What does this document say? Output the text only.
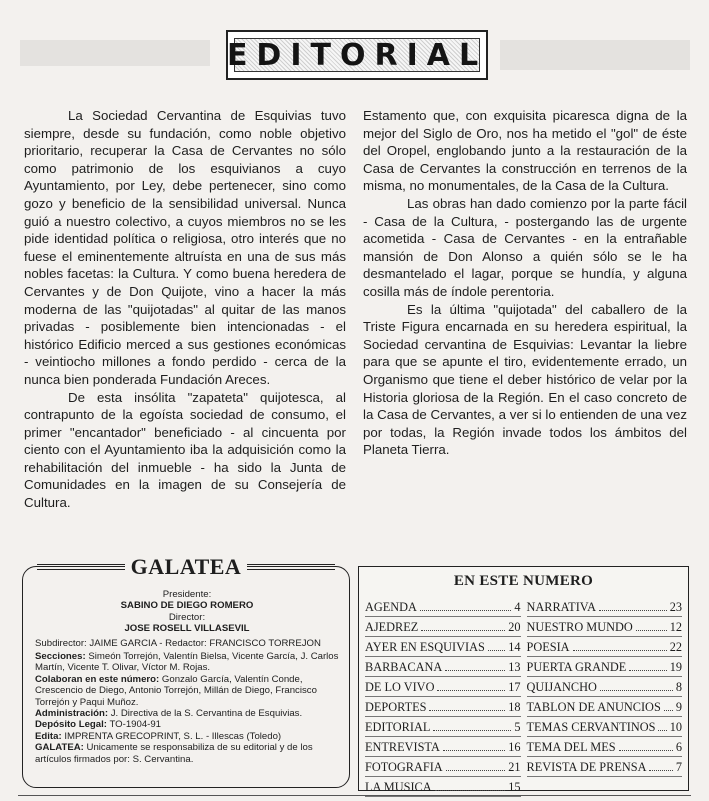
EDITORIAL

La Sociedad Cervantina de Esquivias tuvo siempre, desde su fundación, como noble objetivo prioritario, recuperar la Casa de Cervantes no sólo como patrimonio de los esquivianos a cuyo Ayuntamiento, por Ley, debe pertenecer, sino como gozo y beneficio de la sensibilidad universal. Nunca guió a nuestro colectivo, a cuyos miembros no se les pide identidad política o religiosa, otro interés que no fuese el eminentemente altruísta en una de sus más nobles facetas: la Cultura. Y como buena heredera de Cervantes y de Don Quijote, vino a hacer la más moderna de las "quijotadas" al quitar de las manos privadas - posiblemente bien intencionadas - el histórico Edificio merced a sus gestiones económicas - veintiocho millones a fondo perdido - cerca de la nunca bien ponderada Fundación Areces.

De esta insólita "zapateta" quijotesca, al contrapunto de la egoísta sociedad de consumo, el primer "encantador" beneficiado - al cincuenta por ciento con el Ayuntamiento iba la adquisición como la rehabilitación del inmueble - ha sido la Junta de Comunidades en la imagen de su Consejería de Cultura.

Estamento que, con exquisita picaresca digna de la mejor del Siglo de Oro, nos ha metido el "gol" de éste del Oropel, englobando junto a la restauración de la Casa de Cervantes la construcción en terrenos de la misma, no monumentales, de la Casa de la Cultura.

Las obras han dado comienzo por la parte fácil - Casa de la Cultura, - postergando las de urgente acometida - Casa de Cervantes - en la entrañable mansión de Don Alonso a quién sólo se le ha desmantelado el lagar, porque se hundía, y alguna cosilla más de índole perentoria.

Es la última "quijotada" del caballero de la Triste Figura encarnada en su heredera espiritual, la Sociedad cervantina de Esquivias: Levantar la liebre para que se apunte el tiro, evidentemente errado, un Organismo que tiene el deber histórico de velar por la Historia gloriosa de la Región. En el caso concreto de la Casa de Cervantes, a ver si lo entienden de una vez por todas, la Región invade todos los ámbitos del Planeta Tierra.

GALATEA

Presidente:

SABINO DE DIEGO ROMERO

Director:

JOSE ROSELL VILLASEVIL

Subdirector: JAIME GARCIA - Redactor: FRANCISCO TORREJON

Secciones: Simeón Torrejón, Valentín Bielsa, Vicente García, J. Carlos Martín, Vicente T. Olivar, Víctor M. Rojas.

Colaboran en este número: Gonzalo García, Valentín Conde, Crescencio de Diego, Antonio Torrejón, Millán de Diego, Francisco Torrejón y Paqui Muñoz.

Administración: J. Directiva de la S. Cervantina de Esquivias.

Depósito Legal: TO-1904-91

Edita: IMPRENTA GRECOPRINT, S. L. - Illescas (Toledo)

GALATEA: Unicamente se responsabiliza de su editorial y de los artículos firmados por: S. Cervantina.

EN ESTE NUMERO
AGENDA	4
AJEDREZ	20
AYER EN ESQUIVIAS 14
BARBACANA	13
DE LO VIVO	17
DEPORTES	18
EDITORIAL	5
ENTREVISTA	16
FOTOGRAFIA	21
LA MUSICA	15
NARRATIVA	23
NUESTRO MUNDO	12
POESIA	22
PUERTA GRANDE	19
QUIJANCHO	8
TABLON DE ANUNCIOS 9
TEMAS CERVANTINOS 10
TEMA DEL MES	6
REVISTA DE PRENSA 7
